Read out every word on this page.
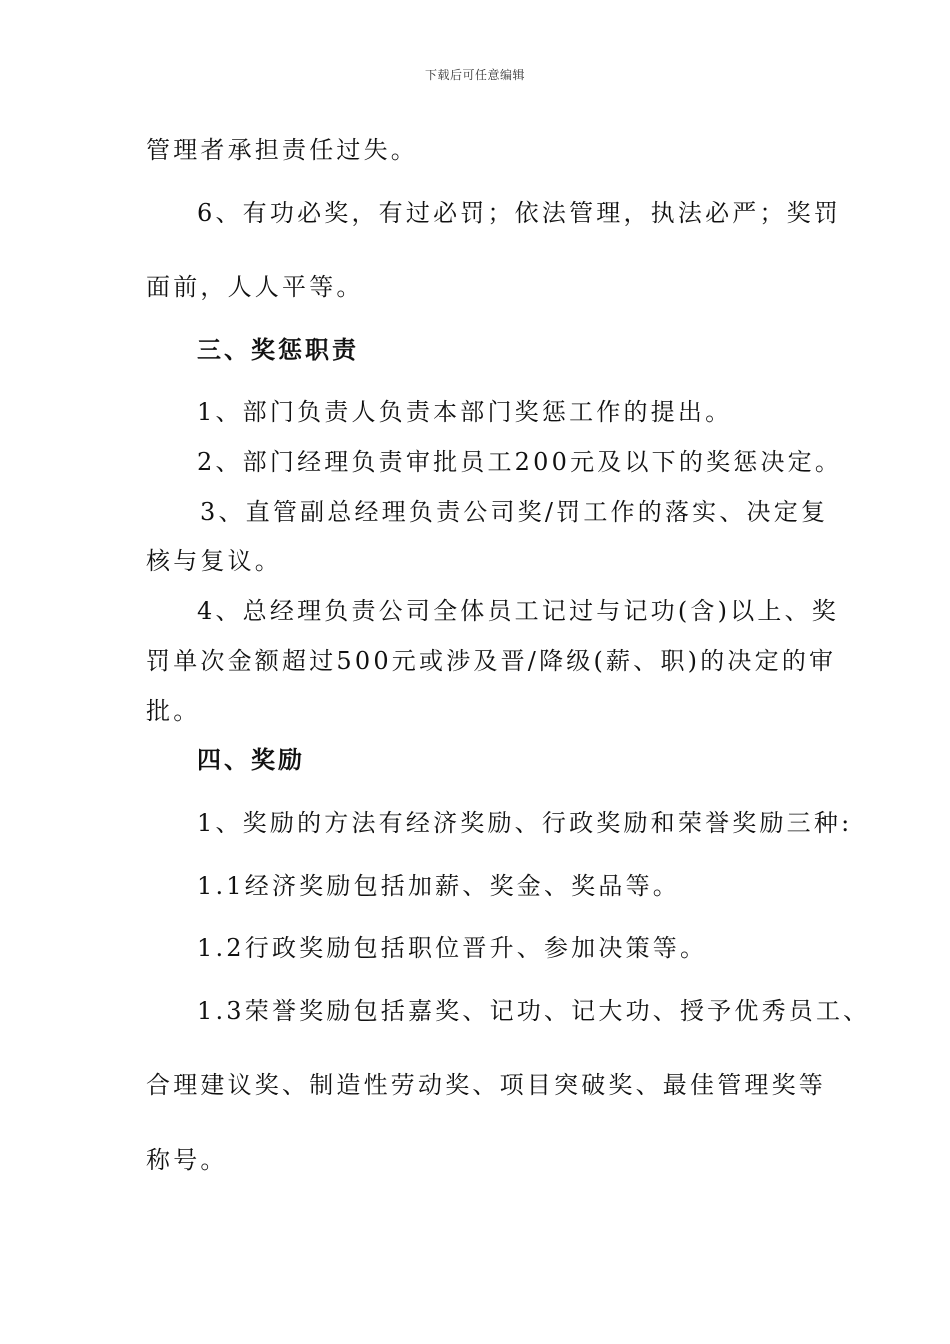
下载后可任意编辑

管理者承担责任过失。

6、有功必奖，有过必罚；依法管理，执法必严；奖罚

面前，人人平等。

三、奖惩职责

1、部门负责人负责本部门奖惩工作的提出。

2、部门经理负责审批员工200元及以下的奖惩决定。

3、直管副总经理负责公司奖/罚工作的落实、决定复

核与复议。

4、总经理负责公司全体员工记过与记功(含)以上、奖

罚单次金额超过500元或涉及晋/降级(薪、职)的决定的审

批。

四、奖励

1、奖励的方法有经济奖励、行政奖励和荣誉奖励三种:

1.1经济奖励包括加薪、奖金、奖品等。

1.2行政奖励包括职位晋升、参加决策等。

1.3荣誉奖励包括嘉奖、记功、记大功、授予优秀员工、

合理建议奖、制造性劳动奖、项目突破奖、最佳管理奖等

称号。
